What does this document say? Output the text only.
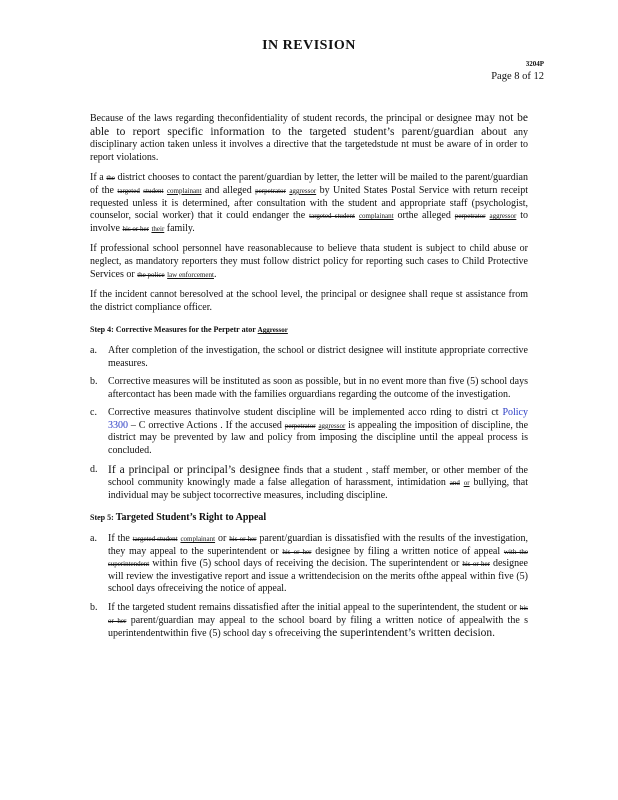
IN REVISION
3204P
Page 8 of 12

Because of the laws regarding theconfidentiality of student records, the principal or designee may not be able to report specific information to the targeted student’s parent/guardian about any disciplinary action taken unless it involves a directive that the targetedstude nt must be aware of in order to report violations.

If a the district chooses to contact the parent/guardian by letter, the letter will be mailed to the parent/guardian of the targeted student complainant and alleged perpetrator aggressor by United States Postal Service with return receipt requested unless it is determined, after consultation with the student and appropriate staff (psychologist, counselor, social worker) that it could endanger the targeted student complainant orthe alleged perpetrator aggressor to involve his or her their family.

If professional school personnel have reasonablecause to believe thata student is subject to child abuse or neglect, as mandatory reporters they must follow district policy for reporting such cases to Child Protective Services or the police law enforcement.

If the incident cannot beresolved at the school level, the principal or designee shall reque st assistance from the district compliance officer.

Step 4: Corrective Measures for the Perpetr ator Aggressor
a. After completion of the investigation, the school or district designee will institute appropriate corrective measures.
b. Corrective measures will be instituted as soon as possible, but in no event more than five (5) school days aftercontact has been made with the families orguardians regarding the outcome of the investigation.
c. Corrective measures thatinvolve student discipline will be implemented acco rding to distri ct Policy 3300 – C orrective Actions . If the accused perpetrator aggressor is appealing the imposition of discipline, the district may be prevented by law and policy from imposing the discipline until the appeal process is concluded.
d. If a principal or principal’s designee finds that a student , staff member, or other member of the school community knowingly made a false allegation of harassment, intimidation and or bullying, that individual may be subject tocorrective measures, including discipline.
Step 5: Targeted Student’s Right to Appeal
a. If the targeted student complainant or his or her parent/guardian is dissatisfied with the results of the investigation, they may appeal to the superintendent or his or her designee by filing a written notice of appeal with the superintendent within five (5) school days of receiving the decision. The superintendent or his or her designee will review the investigative report and issue a writtendecision on the merits ofthe appeal within five (5) school days ofreceiving the notice of appeal.
b. If the targeted student remains dissatisfied after the initial appeal to the superintendent, the student or his or her parent/guardian may appeal to the school board by filing a written notice of appealwith the s uperintendentwithin five (5) school day s ofreceiving the superintendent’s written decision.
